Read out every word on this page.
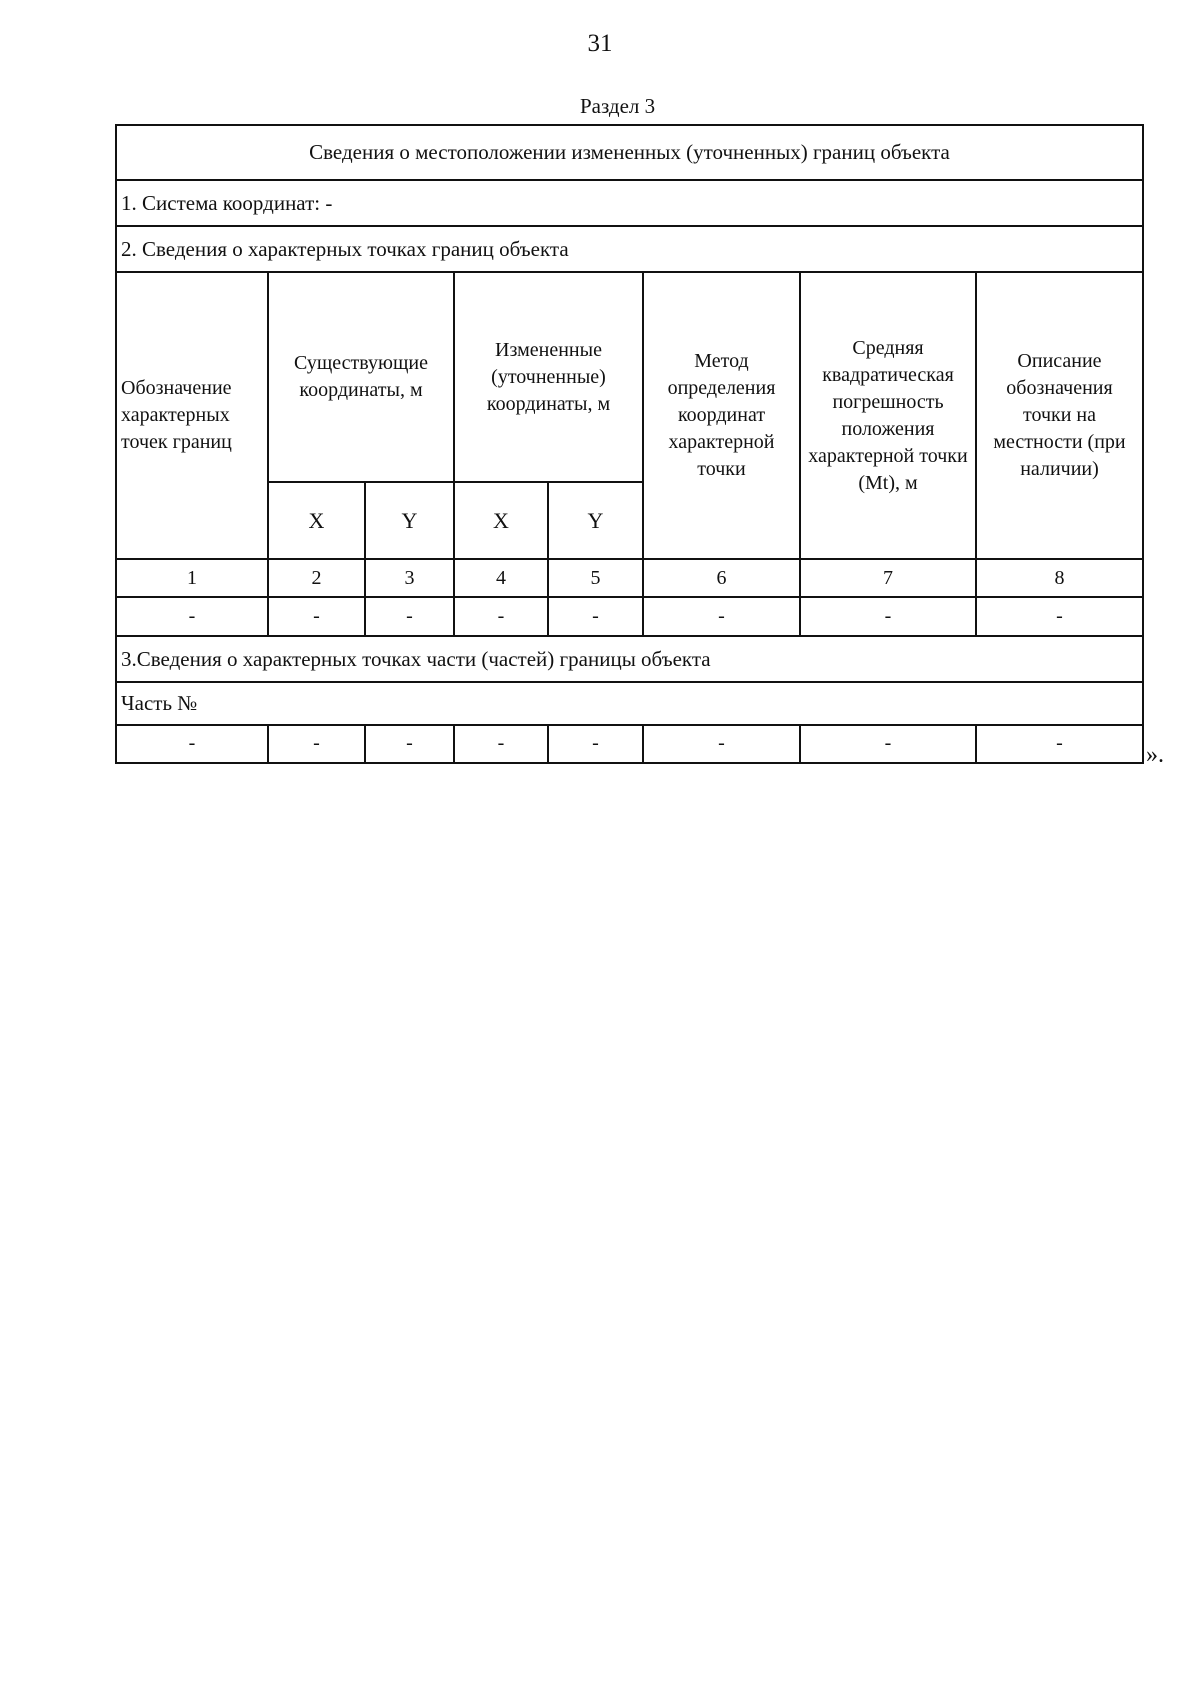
31
Раздел 3
Сведения о местоположении измененных (уточненных) границ объекта							
1. Система координат: -							
2. Сведения о характерных точках границ объекта							
Обозначение характерных точек границ	Существующие координаты, м		Измененные (уточненные) координаты, м		Метод определения координат характерной точки	Средняя квадратическая погрешность положения характерной точки (Mt), м	Описание обозначения точки на местности (при наличии)
	X	Y	X	Y			
1	2	3	4	5	6	7	8
-	-	-	-	-	-	-	-
3.Сведения о характерных точках части (частей) границы объекта							
Часть №							
-	-	-	-	-	-	-	-	».
